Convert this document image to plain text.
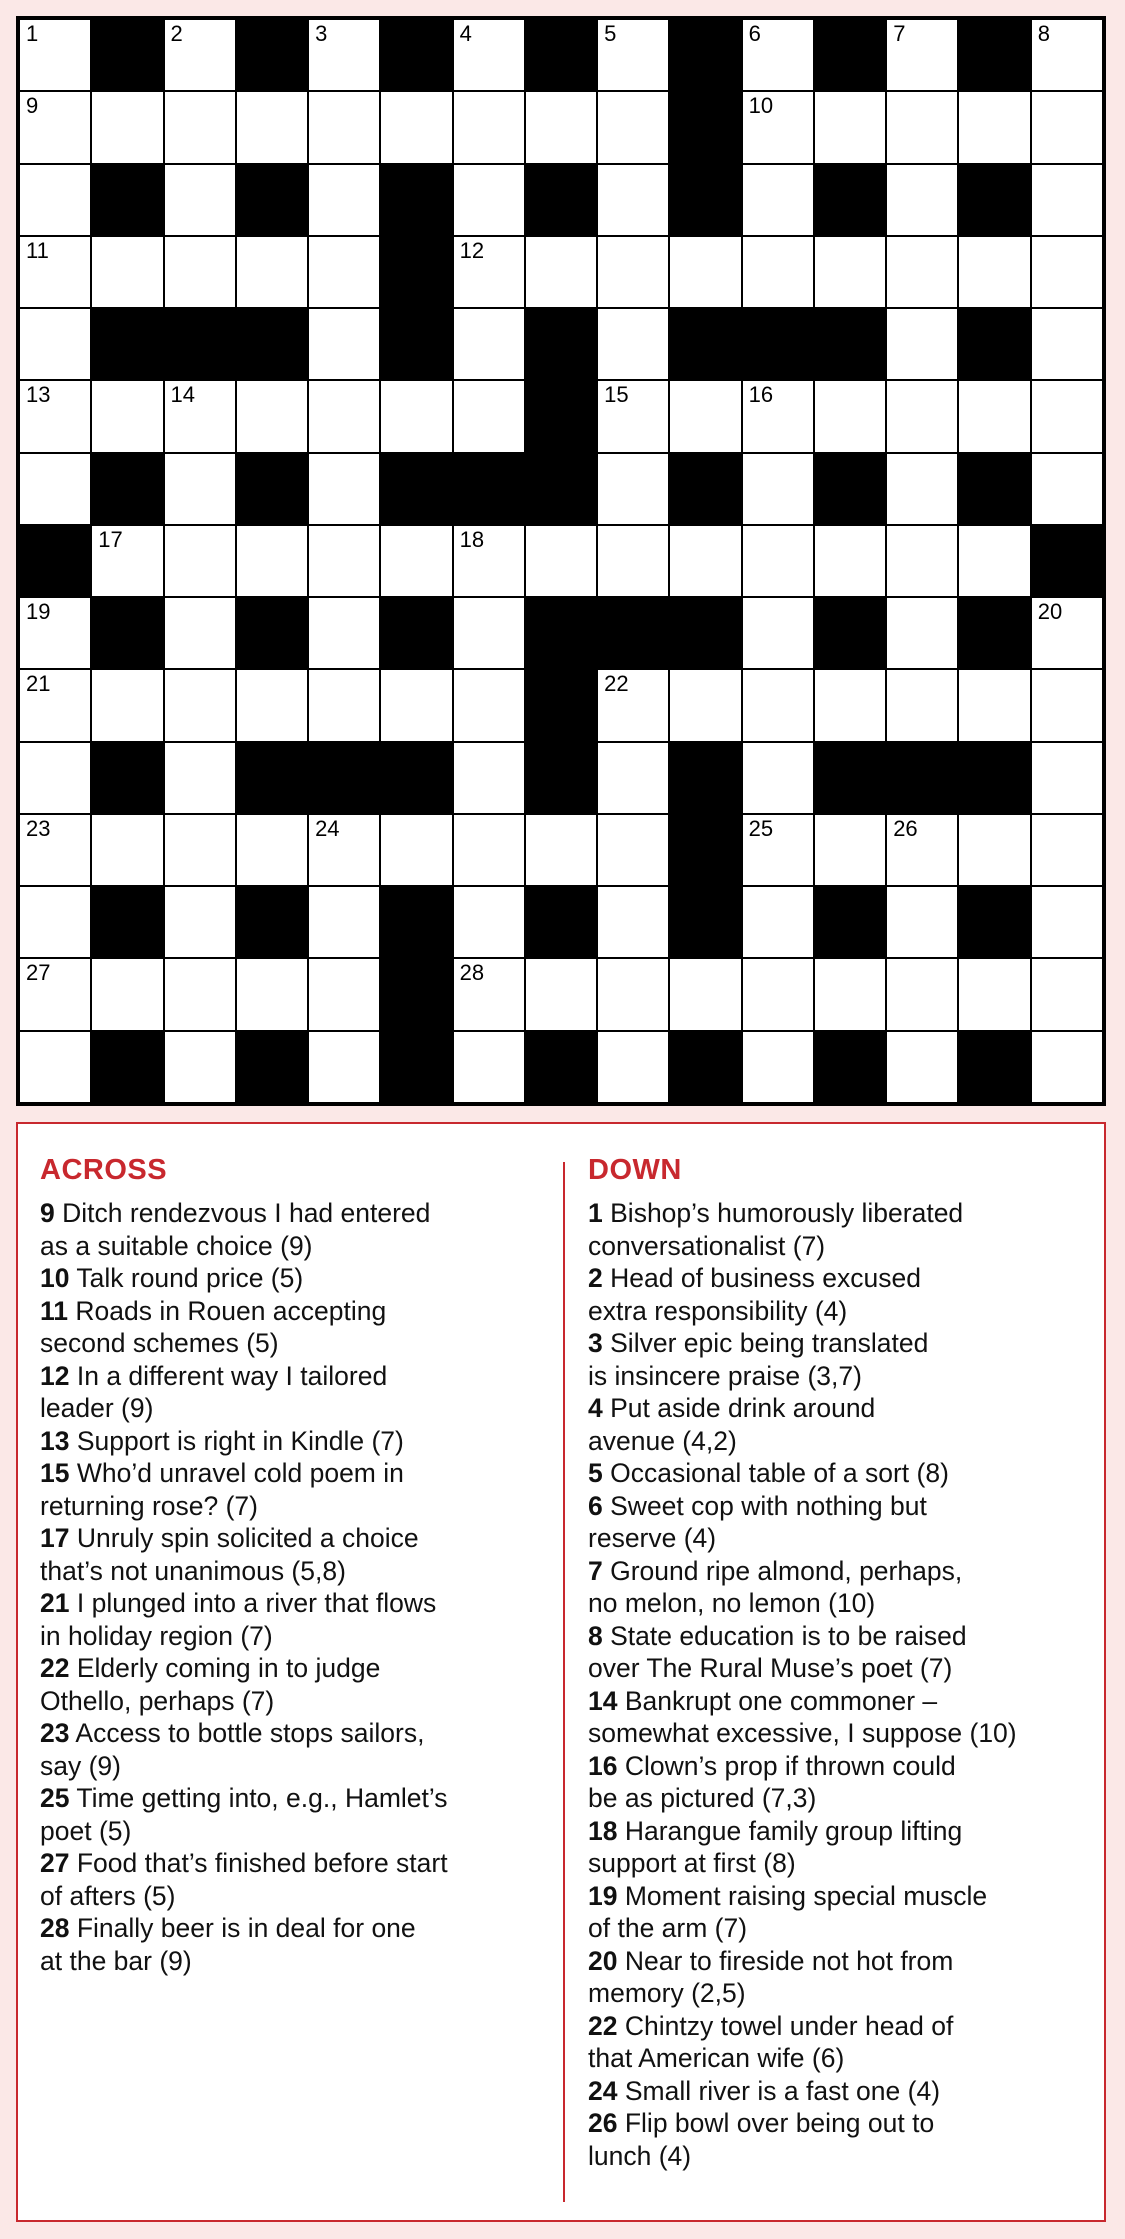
1	2	3	4	5	6	7	8
9	10
11	12
13	14	15	16
17	18
19	20
21	22
23	24	25	26
27	28
ACROSS
9 Ditch rendezvous I had entered
as a suitable choice (9)
10 Talk round price (5)
11 Roads in Rouen accepting
second schemes (5)
12 In a different way I tailored
leader (9)
13 Support is right in Kindle (7)
15 Who’d unravel cold poem in
returning rose? (7)
17 Unruly spin solicited a choice
that’s not unanimous (5,8)
21 I plunged into a river that flows
in holiday region (7)
22 Elderly coming in to judge
Othello, perhaps (7)
23 Access to bottle stops sailors,
say (9)
25 Time getting into, e.g., Hamlet’s
poet (5)
27 Food that’s finished before start
of afters (5)
28 Finally beer is in deal for one
at the bar (9)
DOWN
1 Bishop’s humorously liberated
conversationalist (7)
2 Head of business excused
extra responsibility (4)
3 Silver epic being translated
is insincere praise (3,7)
4 Put aside drink around
avenue (4,2)
5 Occasional table of a sort (8)
6 Sweet cop with nothing but
reserve (4)
7 Ground ripe almond, perhaps,
no melon, no lemon (10)
8 State education is to be raised
over The Rural Muse’s poet (7)
14 Bankrupt one commoner –
somewhat excessive, I suppose (10)
16 Clown’s prop if thrown could
be as pictured (7,3)
18 Harangue family group lifting
support at first (8)
19 Moment raising special muscle
of the arm (7)
20 Near to fireside not hot from
memory (2,5)
22 Chintzy towel under head of
that American wife (6)
24 Small river is a fast one (4)
26 Flip bowl over being out to
lunch (4)
